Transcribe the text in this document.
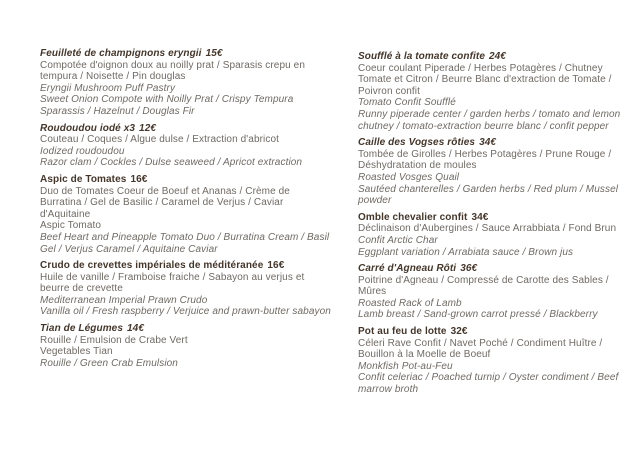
Feuilleté de champignons eryngii 15€

Compotée d'oignon doux au noilly prat / Sparasis crepu en tempura / Noisette / Pin douglas

Eryngii Mushroom Puff Pastry

Sweet Onion Compote with Noilly Prat / Crispy Tempura Sparassis / Hazelnut / Douglas Fir

Roudoudou iodé x3 12€

Couteau / Coques / Algue dulse / Extraction d'abricot

Iodized roudoudou

Razor clam / Cockles / Dulse seaweed / Apricot extraction

Aspic de Tomates 16€

Duo de Tomates Coeur de Boeuf et Ananas / Crème de Burratina / Gel de Basilic / Caramel de Verjus / Caviar d'Aquitaine

Aspic Tomato

Beef Heart and Pineapple Tomato Duo / Burratina Cream / Basil Gel / Verjus Caramel / Aquitaine Caviar

Crudo de crevettes impériales de méditéranée 16€

Huile de vanille / Framboise fraiche / Sabayon au verjus et beurre de crevette

Mediterranean Imperial Prawn Crudo

Vanilla oil / Fresh raspberry / Verjuice and prawn-butter sabayon

Tian de Légumes 14€

Rouille / Emulsion de Crabe Vert

Vegetables Tian

Rouille / Green Crab Emulsion

Soufflé à la tomate confite 24€

Coeur coulant Piperade / Herbes Potagères / Chutney Tomate et Citron / Beurre Blanc d'extraction de Tomate / Poivron confit

Tomato Confit Soufflé

Runny piperade center / garden herbs / tomato and lemon chutney / tomato-extraction beurre blanc / confit pepper

Caille des Vogses rôties 34€

Tombée de Girolles / Herbes Potagères / Prune Rouge / Déshydratation de moules

Roasted Vosges Quail

Sautéed chanterelles / Garden herbs / Red plum / Mussel powder

Omble chevalier confit 34€

Déclinaison d'Aubergines / Sauce Arrabbiata / Fond Brun

Confit Arctic Char

Eggplant variation / Arrabiata sauce / Brown jus

Carré d'Agneau Rôti 36€

Poitrine d'Agneau / Compressé de Carotte des Sables / Mûres

Roasted Rack of Lamb

Lamb breast / Sand-grown carrot pressé / Blackberry

Pot au feu de lotte 32€

Céleri Rave Confit / Navet Poché / Condiment Huître / Bouillon à la Moelle de Boeuf

Monkfish Pot-au-Feu

Confit celeriac / Poached turnip / Oyster condiment / Beef marrow broth
